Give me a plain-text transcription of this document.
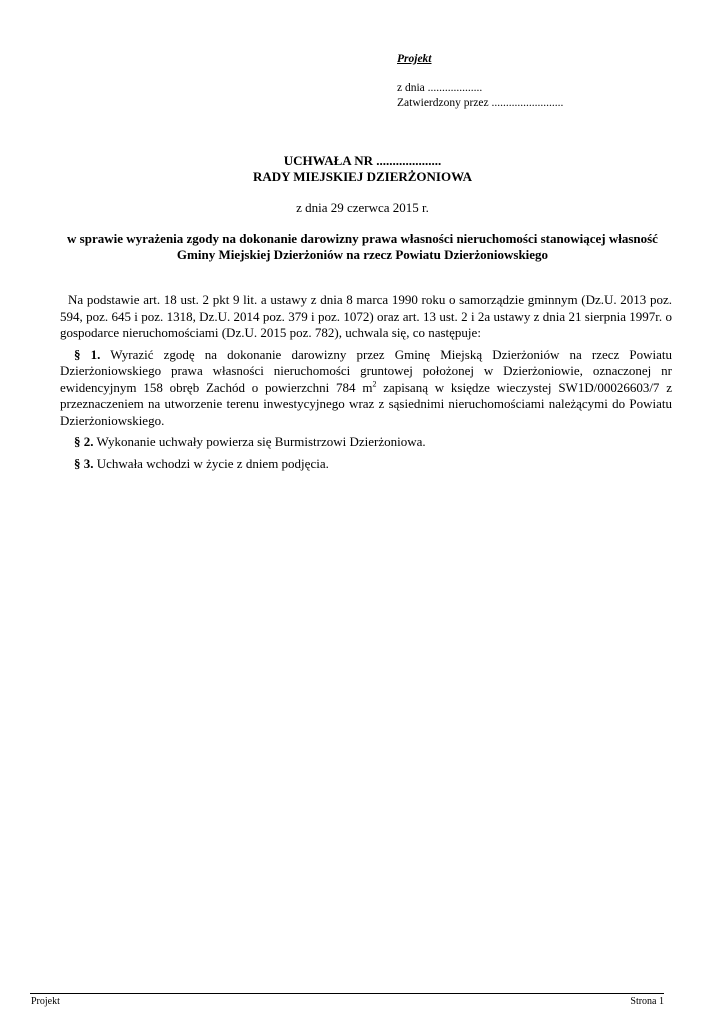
Projekt
z dnia ...................
Zatwierdzony przez .........................
UCHWAŁA NR ....................
RADY MIEJSKIEJ DZIERŻONIOWA
z dnia 29 czerwca 2015 r.
w sprawie wyrażenia zgody na dokonanie darowizny prawa własności nieruchomości stanowiącej własność Gminy Miejskiej Dzierżoniów na rzecz Powiatu Dzierżoniowskiego

Na podstawie art. 18 ust. 2 pkt 9 lit. a ustawy z dnia 8 marca 1990 roku o samorządzie gminnym (Dz.U. 2013 poz. 594, poz. 645 i poz. 1318, Dz.U. 2014 poz. 379 i poz. 1072) oraz art. 13 ust. 2 i 2a ustawy z dnia 21 sierpnia 1997r. o gospodarce nieruchomościami (Dz.U. 2015 poz. 782), uchwala się, co następuje:

§ 1. Wyrazić zgodę na dokonanie darowizny przez Gminę Miejską Dzierżoniów na rzecz Powiatu Dzierżoniowskiego prawa własności nieruchomości gruntowej położonej w Dzierżoniowie, oznaczonej nr ewidencyjnym 158 obręb Zachód o powierzchni 784 $m^2$ zapisaną w księdze wieczystej SW1D/00026603/7 z przeznaczeniem na utworzenie terenu inwestycyjnego wraz z sąsiednimi nieruchomościami należącymi do Powiatu Dzierżoniowskiego.

§ 2. Wykonanie uchwały powierza się Burmistrzowi Dzierżoniowa.

§ 3. Uchwała wchodzi w życie z dniem podjęcia.

Projekt	Strona 1
